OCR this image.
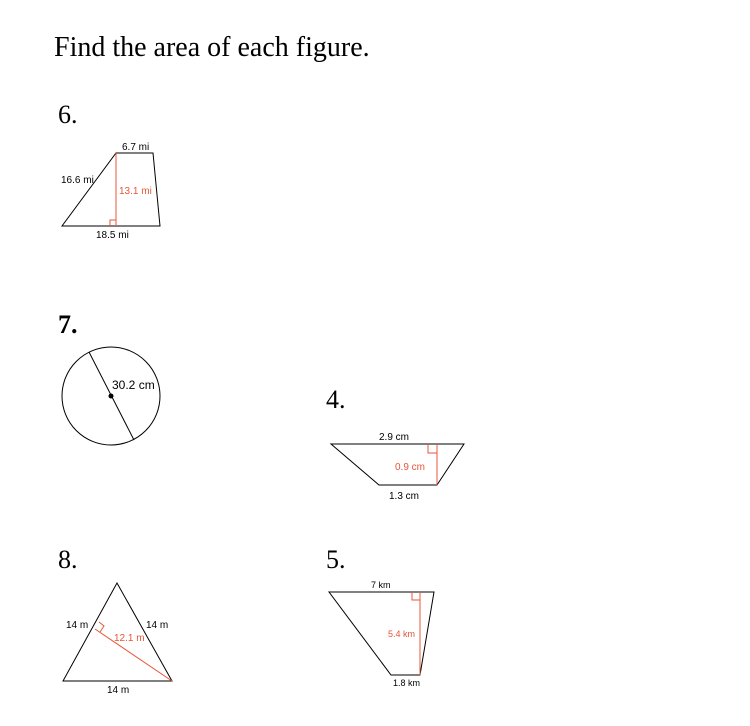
Find the area of each figure.
6.
7.
4.
8.	5.
6.7 mi
16.6 mi
13.1 mi
18.5 mi
30.2 cm
2.9 cm
0.9 cm
1.3 cm
14 m	14 m
12.1 m
14 m
7 km
5.4 km
1.8 km
